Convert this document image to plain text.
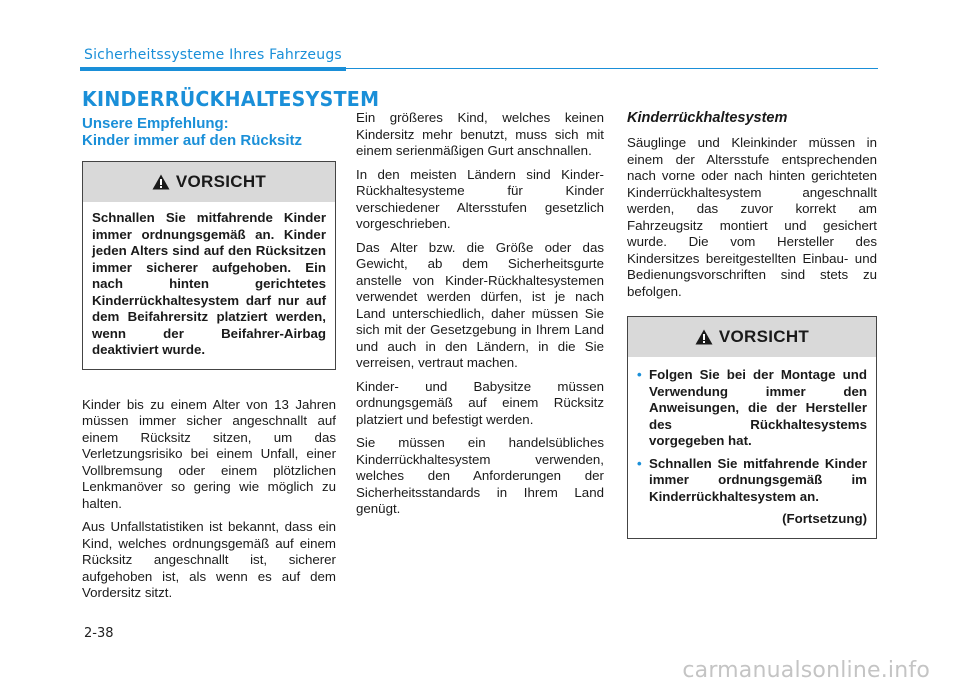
Sicherheitssysteme Ihres Fahrzeugs
KINDERRÜCKHALTESYSTEM
Unsere Empfehlung:
Kinder immer auf den Rücksitz
VORSICHT
Schnallen Sie mitfahrende Kinder immer ordnungsgemäß an. Kinder jeden Alters sind auf den Rücksitzen immer sicherer aufgehoben. Ein nach hinten gerichtetes Kinderrückhaltesystem darf nur auf dem Beifahrersitz platziert werden, wenn der Beifahrer-Airbag deaktiviert wurde.

Kinder bis zu einem Alter von 13 Jahren müssen immer sicher angeschnallt auf einem Rücksitz sitzen, um das Verletzungsrisiko bei einem Unfall, einer Vollbremsung oder einem plötzlichen Lenkmanöver so gering wie möglich zu halten.

Aus Unfallstatistiken ist bekannt, dass ein Kind, welches ordnungsgemäß auf einem Rücksitz angeschnallt ist, sicherer aufgehoben ist, als wenn es auf dem Vordersitz sitzt.

Ein größeres Kind, welches keinen Kindersitz mehr benutzt, muss sich mit einem serienmäßigen Gurt anschnallen.

In den meisten Ländern sind Kinder-Rückhaltesysteme für Kinder verschiedener Altersstufen gesetzlich vorgeschrieben.

Das Alter bzw. die Größe oder das Gewicht, ab dem Sicherheitsgurte anstelle von Kinder-Rückhaltesystemen verwendet werden dürfen, ist je nach Land unterschiedlich, daher müssen Sie sich mit der Gesetzgebung in Ihrem Land und auch in den Ländern, in die Sie verreisen, vertraut machen.

Kinder- und Babysitze müssen ordnungsgemäß auf einem Rücksitz platziert und befestigt werden.

Sie müssen ein handelsübliches Kinderrückhaltesystem verwenden, welches den Anforderungen der Sicherheitsstandards in Ihrem Land genügt.

Kinderrückhaltesystem

Säuglinge und Kleinkinder müssen in einem der Altersstufe entsprechenden nach vorne oder nach hinten gerichteten Kinderrückhaltesystem angeschnallt werden, das zuvor korrekt am Fahrzeugsitz montiert und gesichert wurde. Die vom Hersteller des Kindersitzes bereitgestellten Einbau- und Bedienungsvorschriften sind stets zu befolgen.

VORSICHT
• Folgen Sie bei der Montage und Verwendung immer den Anweisungen, die der Hersteller des Rückhaltesystems vorgegeben hat.
• Schnallen Sie mitfahrende Kinder immer ordnungsgemäß im Kinderrückhaltesystem an.
(Fortsetzung)
2-38
carmanualsonline.info
